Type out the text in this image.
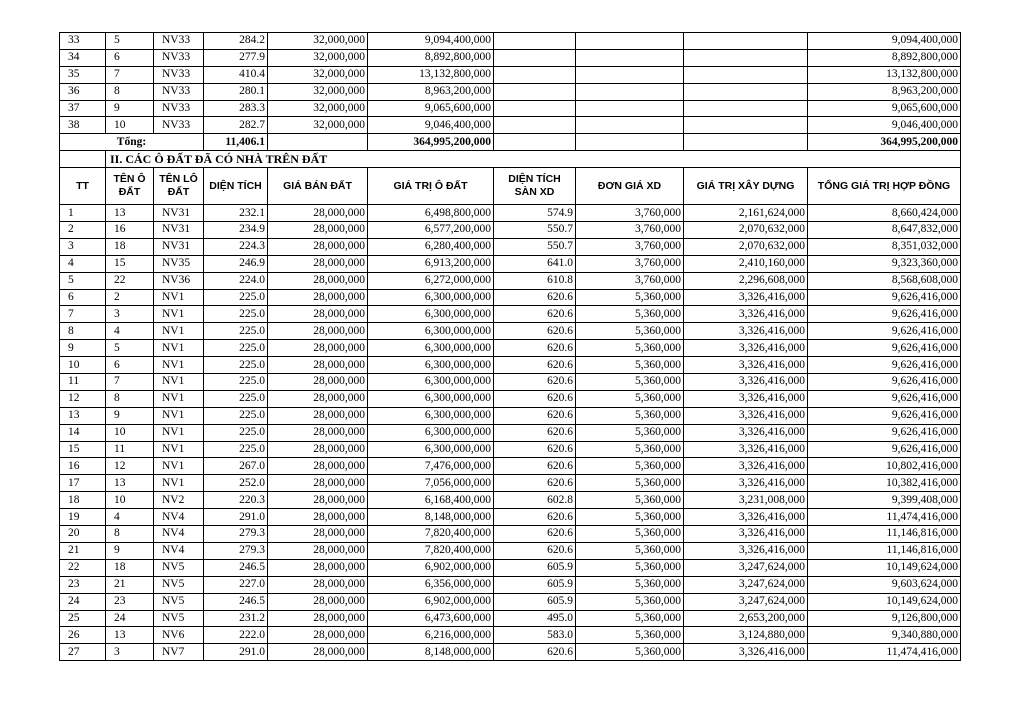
33	5	NV33	284.2	32,000,000	9,094,400,000				9,094,400,000
34	6	NV33	277.9	32,000,000	8,892,800,000				8,892,800,000
35	7	NV33	410.4	32,000,000	13,132,800,000				13,132,800,000
36	8	NV33	280.1	32,000,000	8,963,200,000				8,963,200,000
37	9	NV33	283.3	32,000,000	9,065,600,000				9,065,600,000
38	10	NV33	282.7	32,000,000	9,046,400,000				9,046,400,000
Tổng:			11,406.1		364,995,200,000				364,995,200,000
	II. CÁC Ô ĐẤT ĐÃ CÓ NHÀ TRÊN ĐẤT								
TT	TÊN Ô ĐẤT	TÊN LÔ ĐẤT	DIỆN TÍCH	GIÁ BÁN ĐẤT	GIÁ TRỊ Ô ĐẤT	DIỆN TÍCH SÀN XD	ĐƠN GIÁ XD	GIÁ TRỊ XÂY DỰNG	TỔNG GIÁ TRỊ HỢP ĐỒNG
1	13	NV31	232.1	28,000,000	6,498,800,000	574.9	3,760,000	2,161,624,000	8,660,424,000
2	16	NV31	234.9	28,000,000	6,577,200,000	550.7	3,760,000	2,070,632,000	8,647,832,000
3	18	NV31	224.3	28,000,000	6,280,400,000	550.7	3,760,000	2,070,632,000	8,351,032,000
4	15	NV35	246.9	28,000,000	6,913,200,000	641.0	3,760,000	2,410,160,000	9,323,360,000
5	22	NV36	224.0	28,000,000	6,272,000,000	610.8	3,760,000	2,296,608,000	8,568,608,000
6	2	NV1	225.0	28,000,000	6,300,000,000	620.6	5,360,000	3,326,416,000	9,626,416,000
7	3	NV1	225.0	28,000,000	6,300,000,000	620.6	5,360,000	3,326,416,000	9,626,416,000
8	4	NV1	225.0	28,000,000	6,300,000,000	620.6	5,360,000	3,326,416,000	9,626,416,000
9	5	NV1	225.0	28,000,000	6,300,000,000	620.6	5,360,000	3,326,416,000	9,626,416,000
10	6	NV1	225.0	28,000,000	6,300,000,000	620.6	5,360,000	3,326,416,000	9,626,416,000
11	7	NV1	225.0	28,000,000	6,300,000,000	620.6	5,360,000	3,326,416,000	9,626,416,000
12	8	NV1	225.0	28,000,000	6,300,000,000	620.6	5,360,000	3,326,416,000	9,626,416,000
13	9	NV1	225.0	28,000,000	6,300,000,000	620.6	5,360,000	3,326,416,000	9,626,416,000
14	10	NV1	225.0	28,000,000	6,300,000,000	620.6	5,360,000	3,326,416,000	9,626,416,000
15	11	NV1	225.0	28,000,000	6,300,000,000	620.6	5,360,000	3,326,416,000	9,626,416,000
16	12	NV1	267.0	28,000,000	7,476,000,000	620.6	5,360,000	3,326,416,000	10,802,416,000
17	13	NV1	252.0	28,000,000	7,056,000,000	620.6	5,360,000	3,326,416,000	10,382,416,000
18	10	NV2	220.3	28,000,000	6,168,400,000	602.8	5,360,000	3,231,008,000	9,399,408,000
19	4	NV4	291.0	28,000,000	8,148,000,000	620.6	5,360,000	3,326,416,000	11,474,416,000
20	8	NV4	279.3	28,000,000	7,820,400,000	620.6	5,360,000	3,326,416,000	11,146,816,000
21	9	NV4	279.3	28,000,000	7,820,400,000	620.6	5,360,000	3,326,416,000	11,146,816,000
22	18	NV5	246.5	28,000,000	6,902,000,000	605.9	5,360,000	3,247,624,000	10,149,624,000
23	21	NV5	227.0	28,000,000	6,356,000,000	605.9	5,360,000	3,247,624,000	9,603,624,000
24	23	NV5	246.5	28,000,000	6,902,000,000	605.9	5,360,000	3,247,624,000	10,149,624,000
25	24	NV5	231.2	28,000,000	6,473,600,000	495.0	5,360,000	2,653,200,000	9,126,800,000
26	13	NV6	222.0	28,000,000	6,216,000,000	583.0	5,360,000	3,124,880,000	9,340,880,000
27	3	NV7	291.0	28,000,000	8,148,000,000	620.6	5,360,000	3,326,416,000	11,474,416,000
